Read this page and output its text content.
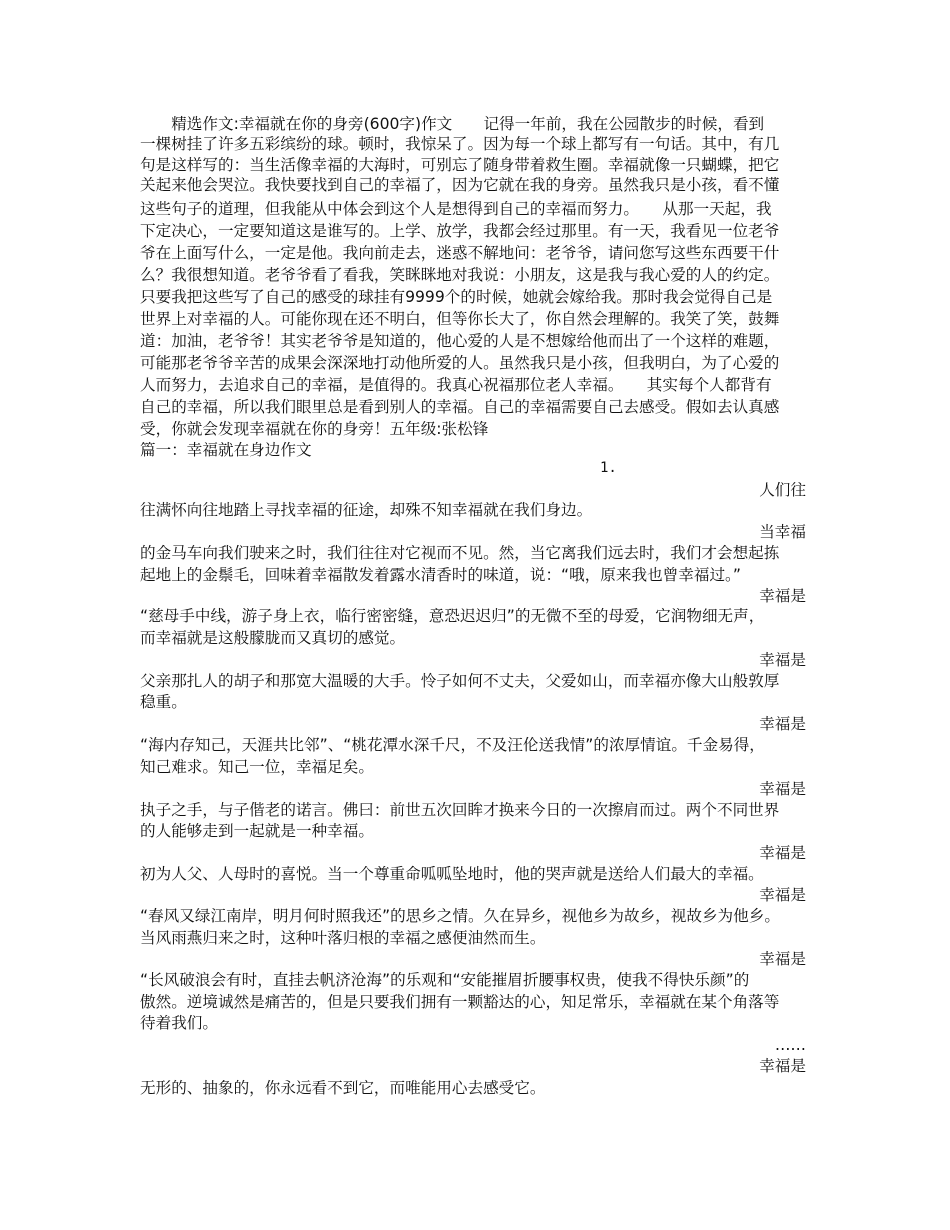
　　精选作文:幸福就在你的身旁(600字)作文　　记得一年前，我在公园散步的时候，看到
一棵树挂了许多五彩缤纷的球。顿时，我惊呆了。因为每一个球上都写有一句话。其中，有几
句是这样写的：当生活像幸福的大海时，可别忘了随身带着救生圈。幸福就像一只蝴蝶，把它
关起来他会哭泣。我快要找到自己的幸福了，因为它就在我的身旁。虽然我只是小孩，看不懂
这些句子的道理，但我能从中体会到这个人是想得到自己的幸福而努力。　　从那一天起，我
下定决心，一定要知道这是谁写的。上学、放学，我都会经过那里。有一天，我看见一位老爷
爷在上面写什么，一定是他。我向前走去，迷惑不解地问：老爷爷，请问您写这些东西要干什
么？我很想知道。老爷爷看了看我，笑眯眯地对我说：小朋友，这是我与我心爱的人的约定。
只要我把这些写了自己的感受的球挂有9999个的时候，她就会嫁给我。那时我会觉得自己是
世界上对幸福的人。可能你现在还不明白，但等你长大了，你自然会理解的。我笑了笑，鼓舞
道：加油，老爷爷！其实老爷爷是知道的，他心爱的人是不想嫁给他而出了一个这样的难题，
可能那老爷爷辛苦的成果会深深地打动他所爱的人。虽然我只是小孩，但我明白，为了心爱的
人而努力，去追求自己的幸福，是值得的。我真心祝福那位老人幸福。　　其实每个人都背有
自己的幸福，所以我们眼里总是看到别人的幸福。自己的幸福需要自己去感受。假如去认真感
受，你就会发现幸福就在你的身旁！五年级:张松锋
篇一：幸福就在身边作文
1.
人们往
往满怀向往地踏上寻找幸福的征途，却殊不知幸福就在我们身边。
当幸福
的金马车向我们驶来之时，我们往往对它视而不见。然，当它离我们远去时，我们才会想起拣
起地上的金鬃毛，回味着幸福散发着露水清香时的味道，说：“哦，原来我也曾幸福过。”
幸福是
“慈母手中线，游子身上衣，临行密密缝，意恐迟迟归”的无微不至的母爱，它润物细无声，
而幸福就是这般朦胧而又真切的感觉。
幸福是
父亲那扎人的胡子和那宽大温暖的大手。怜子如何不丈夫，父爱如山，而幸福亦像大山般敦厚
稳重。
幸福是
“海内存知己，天涯共比邻”、“桃花潭水深千尺，不及汪伦送我情”的浓厚情谊。千金易得，
知己难求。知己一位，幸福足矣。
幸福是
执子之手，与子偕老的诺言。佛曰：前世五次回眸才换来今日的一次擦肩而过。两个不同世界
的人能够走到一起就是一种幸福。
幸福是
初为人父、人母时的喜悦。当一个尊重命呱呱坠地时，他的哭声就是送给人们最大的幸福。
幸福是
“春风又绿江南岸，明月何时照我还”的思乡之情。久在异乡，视他乡为故乡，视故乡为他乡。
当风雨燕归来之时，这种叶落归根的幸福之感便油然而生。
幸福是
“长风破浪会有时，直挂去帆济沧海”的乐观和“安能摧眉折腰事权贵，使我不得快乐颜”的
傲然。逆境诚然是痛苦的，但是只要我们拥有一颗豁达的心，知足常乐，幸福就在某个角落等
待着我们。
……
幸福是
无形的、抽象的，你永远看不到它，而唯能用心去感受它。
